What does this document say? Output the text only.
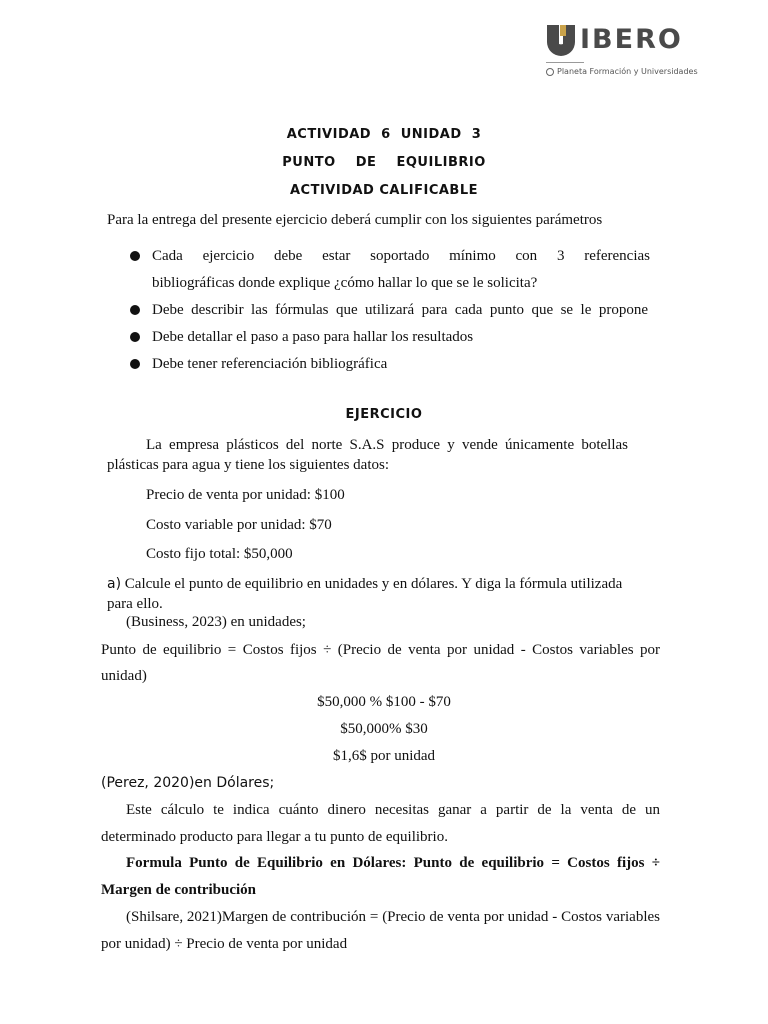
IBERO
Planeta Formación y Universidades
ACTIVIDAD  6  UNIDAD  3
PUNTO    DE    EQUILIBRIO
ACTIVIDAD CALIFICABLE
Para la entrega del presente ejercicio deberá cumplir con los siguientes parámetros
Cada ejercicio debe estar soportado mínimo con 3 referencias
bibliográficas donde explique ¿cómo hallar lo que se le solicita?
Debe describir las fórmulas que utilizará para cada punto que se le propone
Debe detallar el paso a paso para hallar los resultados
Debe tener referenciación bibliográfica
EJERCICIO
La empresa plásticos del norte S.A.S produce y vende únicamente botellas
plásticas para agua y tiene los siguientes datos:
Precio de venta por unidad: $100
Costo variable por unidad: $70
Costo fijo total: $50,000
a) Calcule el punto de equilibrio en unidades y en dólares. Y diga la fórmula utilizada
para ello.
(Business, 2023) en unidades;
Punto de equilibrio = Costos fijos ÷ (Precio de venta por unidad - Costos variables por
unidad)
$50,000 % $100 - $70
$50,000% $30
$1,6$ por unidad
(Perez, 2020)en Dólares;
Este cálculo te indica cuánto dinero necesitas ganar a partir de la venta de un
determinado producto para llegar a tu punto de equilibrio.
Formula Punto de Equilibrio en Dólares: Punto de equilibrio = Costos fijos ÷
Margen de contribución
(Shilsare, 2021)Margen de contribución = (Precio de venta por unidad - Costos variables
por unidad) ÷ Precio de venta por unidad
